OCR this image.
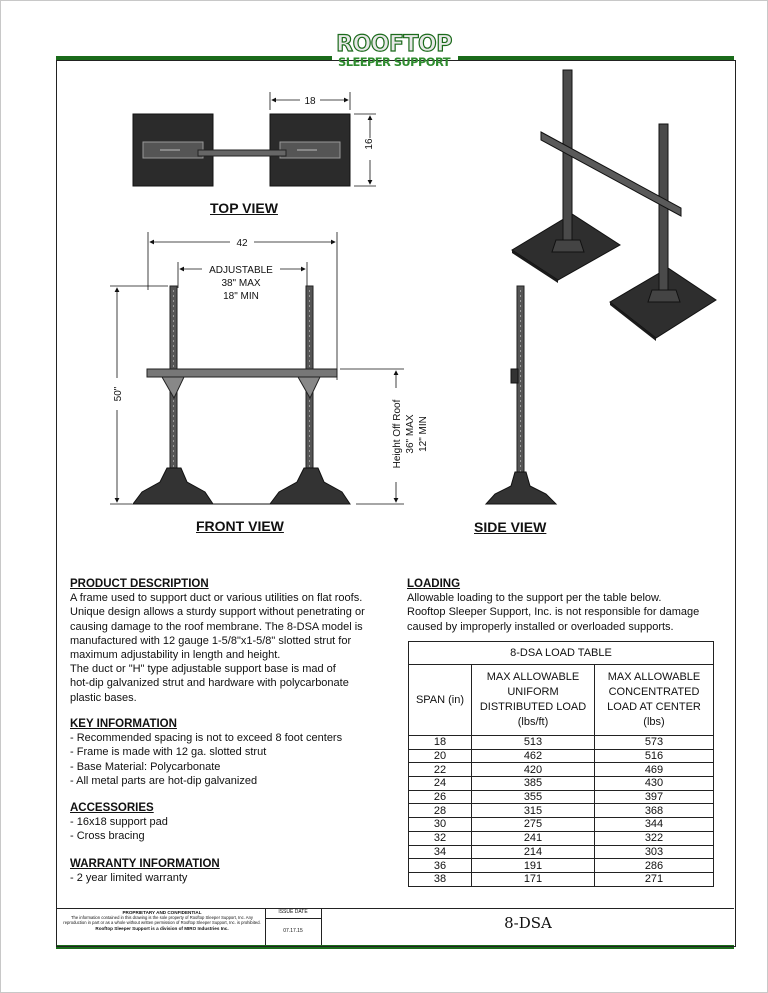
ROOFTOP
SLEEPER SUPPORT
18
16
42
ADJUSTABLE
38" MAX
18" MIN
50"
Height Off Roof 36" MAX 12" MIN
TOP VIEW
FRONT VIEW	SIDE VIEW

PRODUCT DESCRIPTION

A frame used to support duct or various utilities on flat roofs.
Unique design allows a sturdy support without penetrating or
causing damage to the roof membrane. The 8-DSA model is
manufactured with 12 gauge 1-5/8"x1-5/8" slotted strut for
maximum adjustability in length and height.
The duct or "H" type adjustable support base is mad of
hot-dip galvanized strut and hardware with polycarbonate
plastic bases.

KEY INFORMATION

- Recommended spacing is not to exceed 8 foot centers

- Frame is made with 12 ga. slotted strut

- Base Material: Polycarbonate

- All metal parts are hot-dip galvanized

ACCESSORIES

- 16x18 support pad

- Cross bracing

WARRANTY INFORMATION

- 2 year limited warranty

LOADING

Allowable loading to the support per the table below.
Rooftop Sleeper Support, Inc. is not responsible for damage
caused by improperly installed or overloaded supports.

8-DSA LOAD TABLE		
SPAN (in)	MAX ALLOWABLE
UNIFORM
DISTRIBUTED LOAD
(lbs/ft)	MAX ALLOWABLE
CONCENTRATED
LOAD AT CENTER
(lbs)
18	513	573
20	462	516
22	420	469
24	385	430
26	355	397
28	315	368
30	275	344
32	241	322
34	214	303
36	191	286
38	171	271
PROPRIETARY AND CONFIDENTIAL
The information contained in this drawing is the sole property of Rooftop Sleeper Support, Inc. Any reproduction in part or as a whole without written permission of Rooftop Sleeper Support, Inc. is prohibited.
Rooftop Sleeper Support is a division of MIRO Industries Inc.
ISSUE DATE
07.17.15	8-DSA
